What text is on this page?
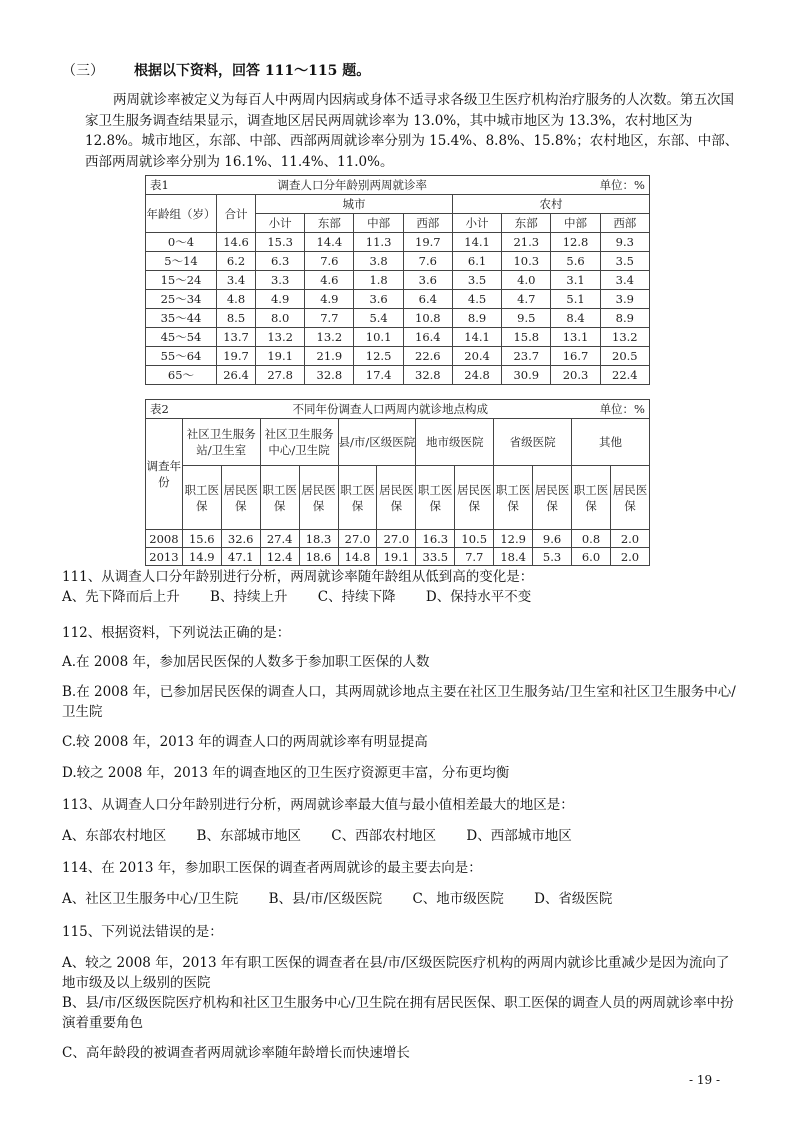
（三） 根据以下资料，回答 111～115 题。
两周就诊率被定义为每百人中两周内因病或身体不适寻求各级卫生医疗机构治疗服务的人次数。第五次国家卫生服务调查结果显示，调查地区居民两周就诊率为 13.0%，其中城市地区为 13.3%，农村地区为 12.8%。城市地区，东部、中部、西部两周就诊率分别为 15.4%、8.8%、15.8%；农村地区，东部、中部、西部两周就诊率分别为 16.1%、11.4%、11.0%。
表1 调查人口分年龄别两周就诊率 单位：%									

年龄组（岁）	合计	城市				农村			
		小计	东部	中部	西部	小计	东部	中部	西部
0～4	14.6	15.3	14.4	11.3	19.7	14.1	21.3	12.8	9.3
5～14	6.2	6.3	7.6	3.8	7.6	6.1	10.3	5.6	3.5
15～24	3.4	3.3	4.6	1.8	3.6	3.5	4.0	3.1	3.4
25～34	4.8	4.9	4.9	3.6	6.4	4.5	4.7	5.1	3.9
35～44	8.5	8.0	7.7	5.4	10.8	8.9	9.5	8.4	8.9
45～54	13.7	13.2	13.2	10.1	16.4	14.1	15.8	13.1	13.2
55～64	19.7	19.1	21.9	12.5	22.6	20.4	23.7	16.7	20.5
65～	26.4	27.8	32.8	17.4	32.8	24.8	30.9	20.3	22.4
表2 不同年份调查人口两周内就诊地点构成 单位：%												

调查年份	社区卫生服务站/卫生室		社区卫生服务中心/卫生院		县/市/区级医院		地市级医院		省级医院		其他	
	职工医保	居民医保	职工医保	居民医保	职工医保	居民医保	职工医保	居民医保	职工医保	居民医保	职工医保	居民医保
2008	15.6	32.6	27.4	18.3	27.0	27.0	16.3	10.5	12.9	9.6	0.8	2.0
2013	14.9	47.1	12.4	18.6	14.8	19.1	33.5	7.7	18.4	5.3	6.0	2.0
111、从调查人口分年龄别进行分析，两周就诊率随年龄组从低到高的变化是：
A、先下降而后上升 B、持续上升 C、持续下降 D、保持水平不变
112、根据资料，下列说法正确的是：
A.在 2008 年，参加居民医保的人数多于参加职工医保的人数
B.在 2008 年，已参加居民医保的调查人口，其两周就诊地点主要在社区卫生服务站/卫生室和社区卫生服务中心/卫生院
C.较 2008 年，2013 年的调查人口的两周就诊率有明显提高
D.较之 2008 年，2013 年的调查地区的卫生医疗资源更丰富，分布更均衡
113、从调查人口分年龄别进行分析，两周就诊率最大值与最小值相差最大的地区是：
A、东部农村地区 B、东部城市地区 C、西部农村地区 D、西部城市地区
114、在 2013 年，参加职工医保的调查者两周就诊的最主要去向是：
A、社区卫生服务中心/卫生院 B、县/市/区级医院 C、地市级医院 D、省级医院
115、下列说法错误的是：
A、较之 2008 年，2013 年有职工医保的调查者在县/市/区级医院医疗机构的两周内就诊比重减少是因为流向了地市级及以上级别的医院
B、县/市/区级医院医疗机构和社区卫生服务中心/卫生院在拥有居民医保、职工医保的调查人员的两周就诊率中扮演着重要角色
C、高年龄段的被调查者两周就诊率随年龄增长而快速增长
- 19 -
